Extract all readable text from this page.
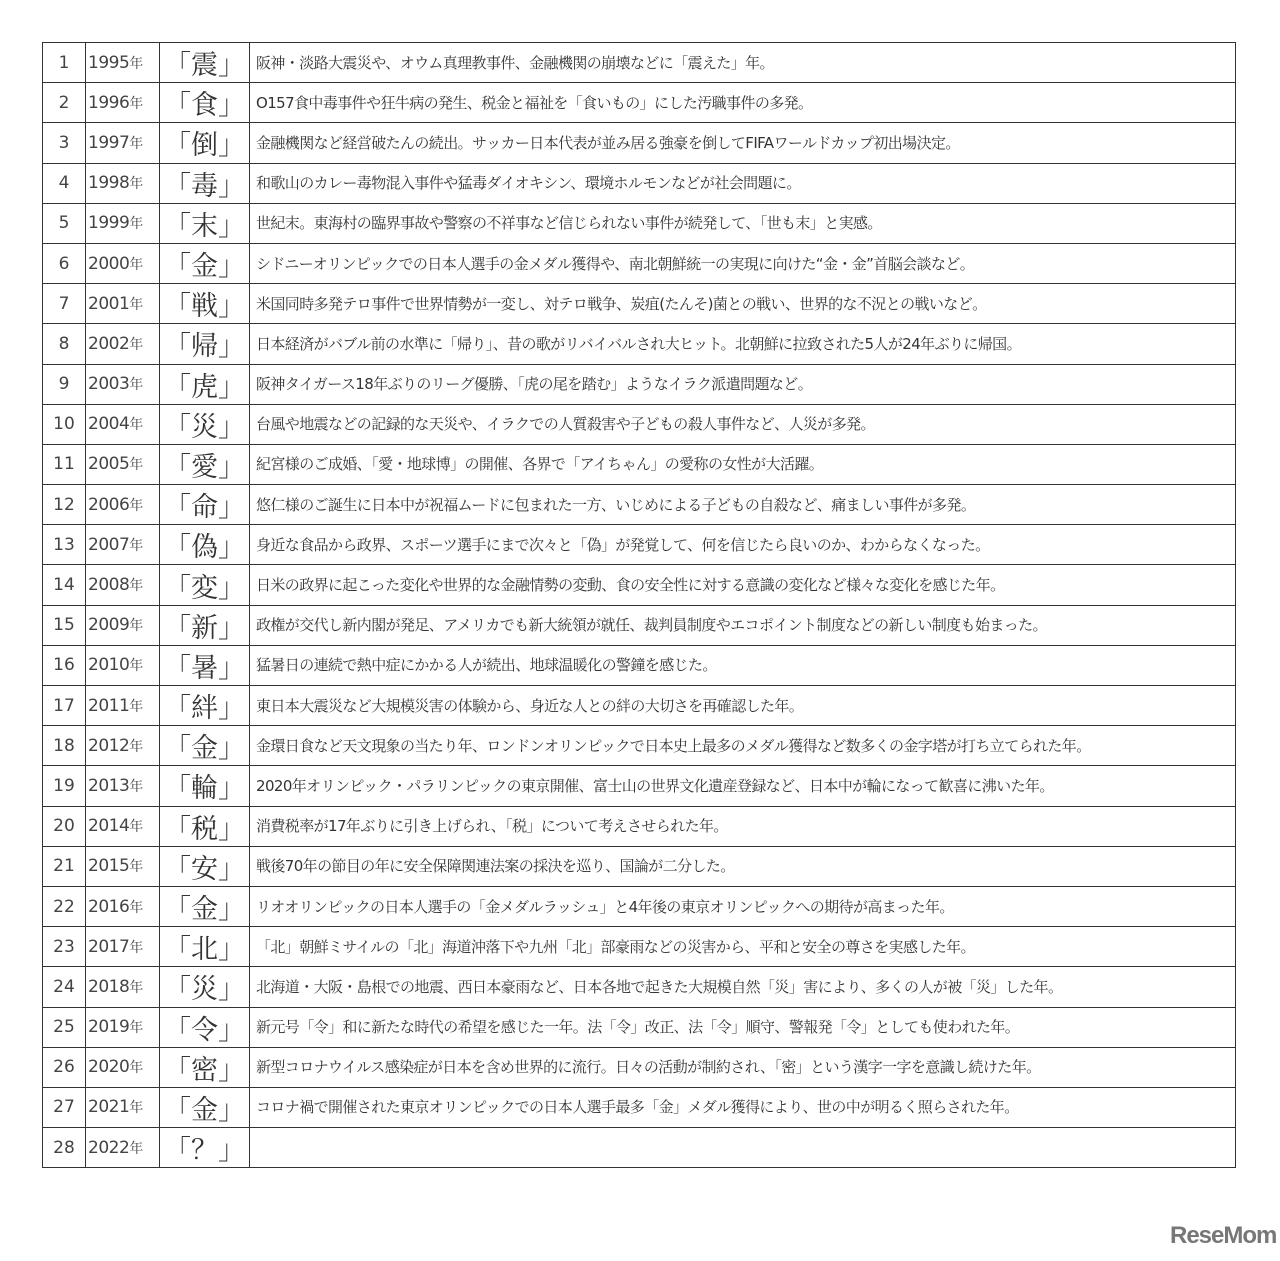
1	1995年	「震」	阪神・淡路大震災や、オウム真理教事件、金融機関の崩壊などに「震えた」年。
2	1996年	「食」	O157食中毒事件や狂牛病の発生、税金と福祉を「食いもの」にした汚職事件の多発。
3	1997年	「倒」	金融機関など経営破たんの続出。サッカー日本代表が並み居る強豪を倒してFIFAワールドカップ初出場決定。
4	1998年	「毒」	和歌山のカレー毒物混入事件や猛毒ダイオキシン、環境ホルモンなどが社会問題に。
5	1999年	「末」	世紀末。東海村の臨界事故や警察の不祥事など信じられない事件が続発して、「世も末」と実感。
6	2000年	「金」	シドニーオリンピックでの日本人選手の金メダル獲得や、南北朝鮮統一の実現に向けた“金・金”首脳会談など。
7	2001年	「戦」	米国同時多発テロ事件で世界情勢が一変し、対テロ戦争、炭疽(たんそ)菌との戦い、世界的な不況との戦いなど。
8	2002年	「帰」	日本経済がバブル前の水準に「帰り」、昔の歌がリバイバルされ大ヒット。北朝鮮に拉致された5人が24年ぶりに帰国。
9	2003年	「虎」	阪神タイガース18年ぶりのリーグ優勝、「虎の尾を踏む」ようなイラク派遣問題など。
10	2004年	「災」	台風や地震などの記録的な天災や、イラクでの人質殺害や子どもの殺人事件など、人災が多発。
11	2005年	「愛」	紀宮様のご成婚、「愛・地球博」の開催、各界で「アイちゃん」の愛称の女性が大活躍。
12	2006年	「命」	悠仁様のご誕生に日本中が祝福ムードに包まれた一方、いじめによる子どもの自殺など、痛ましい事件が多発。
13	2007年	「偽」	身近な食品から政界、スポーツ選手にまで次々と「偽」が発覚して、何を信じたら良いのか、わからなくなった。
14	2008年	「変」	日米の政界に起こった変化や世界的な金融情勢の変動、食の安全性に対する意識の変化など様々な変化を感じた年。
15	2009年	「新」	政権が交代し新内閣が発足、アメリカでも新大統領が就任、裁判員制度やエコポイント制度などの新しい制度も始まった。
16	2010年	「暑」	猛暑日の連続で熱中症にかかる人が続出、地球温暖化の警鐘を感じた。
17	2011年	「絆」	東日本大震災など大規模災害の体験から、身近な人との絆の大切さを再確認した年。
18	2012年	「金」	金環日食など天文現象の当たり年、ロンドンオリンピックで日本史上最多のメダル獲得など数多くの金字塔が打ち立てられた年。
19	2013年	「輪」	2020年オリンピック・パラリンピックの東京開催、富士山の世界文化遺産登録など、日本中が輪になって歓喜に沸いた年。
20	2014年	「税」	消費税率が17年ぶりに引き上げられ、「税」について考えさせられた年。
21	2015年	「安」	戦後70年の節目の年に安全保障関連法案の採決を巡り、国論が二分した。
22	2016年	「金」	リオオリンピックの日本人選手の「金メダルラッシュ」と4年後の東京オリンピックへの期待が高まった年。
23	2017年	「北」	「北」朝鮮ミサイルの「北」海道沖落下や九州「北」部豪雨などの災害から、平和と安全の尊さを実感した年。
24	2018年	「災」	北海道・大阪・島根での地震、西日本豪雨など、日本各地で起きた大規模自然「災」害により、多くの人が被「災」した年。
25	2019年	「令」	新元号「令」和に新たな時代の希望を感じた一年。法「令」改正、法「令」順守、警報発「令」としても使われた年。
26	2020年	「密」	新型コロナウイルス感染症が日本を含め世界的に流行。日々の活動が制約され、「密」という漢字一字を意識し続けた年。
27	2021年	「金」	コロナ禍で開催された東京オリンピックでの日本人選手最多「金」メダル獲得により、世の中が明るく照らされた年。
28	2022年	「？」	
ReseMom
